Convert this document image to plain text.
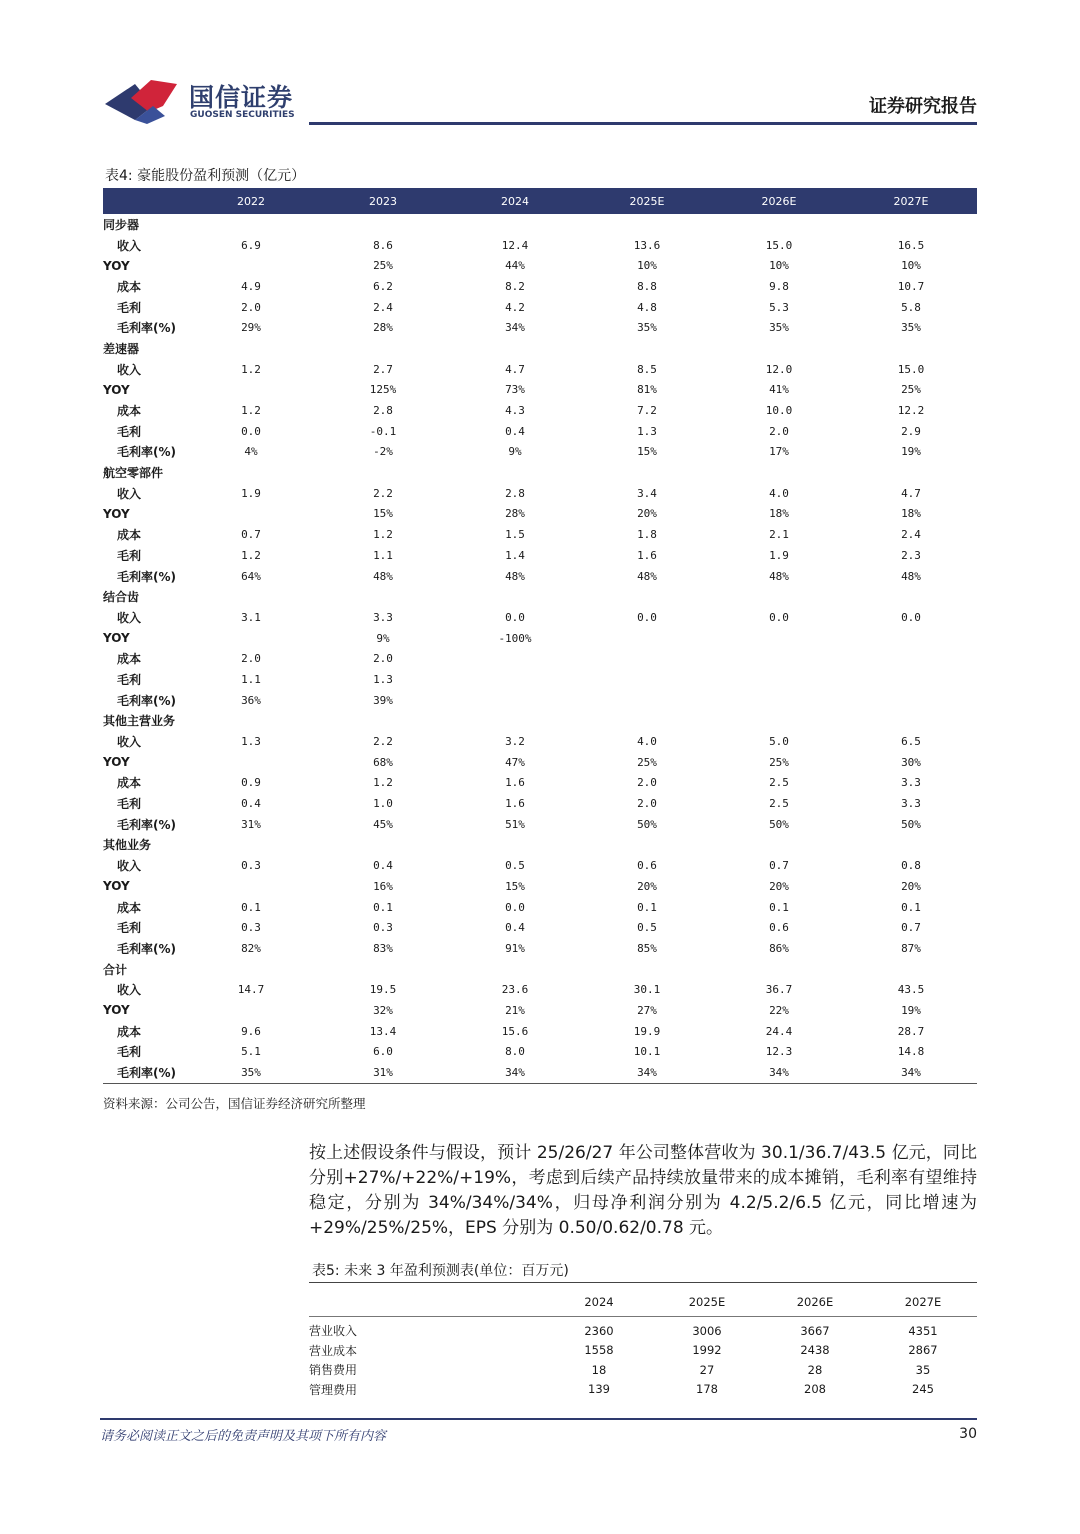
国信证券
GUOSEN SECURITIES	证券研究报告
表4: 豪能股份盈利预测（亿元）
	2022	2023	2024	2025E	2026E	2027E
同步器						
收入	6.9	8.6	12.4	13.6	15.0	16.5
YOY		25%	44%	10%	10%	10%
成本	4.9	6.2	8.2	8.8	9.8	10.7
毛利	2.0	2.4	4.2	4.8	5.3	5.8
毛利率(%)	29%	28%	34%	35%	35%	35%
差速器						
收入	1.2	2.7	4.7	8.5	12.0	15.0
YOY		125%	73%	81%	41%	25%
成本	1.2	2.8	4.3	7.2	10.0	12.2
毛利	0.0	-0.1	0.4	1.3	2.0	2.9
毛利率(%)	4%	-2%	9%	15%	17%	19%
航空零部件						
收入	1.9	2.2	2.8	3.4	4.0	4.7
YOY		15%	28%	20%	18%	18%
成本	0.7	1.2	1.5	1.8	2.1	2.4
毛利	1.2	1.1	1.4	1.6	1.9	2.3
毛利率(%)	64%	48%	48%	48%	48%	48%
结合齿						
收入	3.1	3.3	0.0	0.0	0.0	0.0
YOY		9%	-100%			
成本	2.0	2.0				
毛利	1.1	1.3				
毛利率(%)	36%	39%				
其他主营业务						
收入	1.3	2.2	3.2	4.0	5.0	6.5
YOY		68%	47%	25%	25%	30%
成本	0.9	1.2	1.6	2.0	2.5	3.3
毛利	0.4	1.0	1.6	2.0	2.5	3.3
毛利率(%)	31%	45%	51%	50%	50%	50%
其他业务						
收入	0.3	0.4	0.5	0.6	0.7	0.8
YOY		16%	15%	20%	20%	20%
成本	0.1	0.1	0.0	0.1	0.1	0.1
毛利	0.3	0.3	0.4	0.5	0.6	0.7
毛利率(%)	82%	83%	91%	85%	86%	87%
合计						
收入	14.7	19.5	23.6	30.1	36.7	43.5
YOY		32%	21%	27%	22%	19%
成本	9.6	13.4	15.6	19.9	24.4	28.7
毛利	5.1	6.0	8.0	10.1	12.3	14.8
毛利率(%)	35%	31%	34%	34%	34%	34%
资料来源：公司公告，国信证券经济研究所整理

按上述假设条件与假设，预计 25/26/27 年公司整体营收为 30.1/36.7/43.5 亿元，同比分别+27%/+22%/+19%，考虑到后续产品持续放量带来的成本摊销，毛利率有望维持稳定，分别为 34%/34%/34%，归母净利润分别为 4.2/5.2/6.5 亿元，同比增速为+29%/25%/25%，EPS 分别为 0.50/0.62/0.78 元。

表5: 未来 3 年盈利预测表(单位：百万元)
	2024	2025E	2026E	2027E
营业收入	2360	3006	3667	4351
营业成本	1558	1992	2438	2867
销售费用	18	27	28	35
管理费用	139	178	208	245
请务必阅读正文之后的免责声明及其项下所有内容	30
